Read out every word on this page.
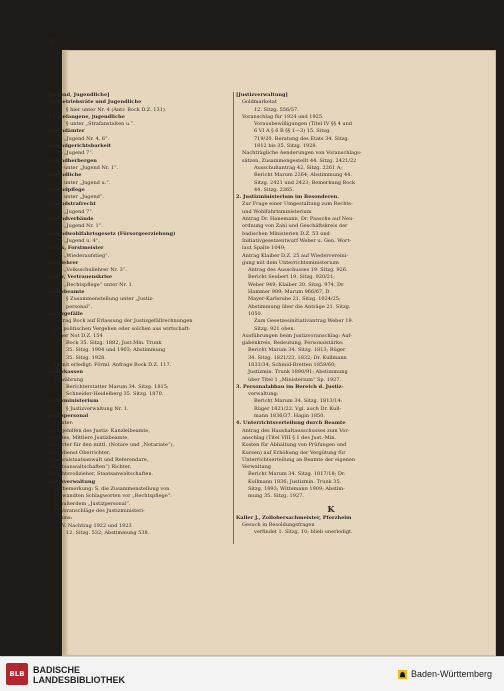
78
[Jugend, Jugendliche]
10. Betriebsräte und Jugendliche
§ hier unter Nr. 4 (Antr. Bock D.Z. 131).
11. Gefangene, jugendliche
§ unter „Strafanstalten u.“.
Jugendämter
§ „Jugend Nr. 4, 6“.
Jugendgerichtsbarkeit
§ „Jugend 7“.
Jugendherbergen
§ unter „Jugend Nr. 1“.
Jugendliche
§ unter „Jugend u.“.
Jugendpflege
§ unter „Jugend“.
Jugendstrafrecht
§ „Jugend 7“.
Jugendverbände
§ „Jugend Nr. 1“.
Jugendwohlfahrtsgesetz (Fürsorgeerziehung)
§ „Jugend u. 4“.
Junak, Forstmeister
§ „Wiederaufstieg“.
Junglehrer
§ „Volksschullehrer Nr. 3“.
Justiz, Vertrauenskrise
§ „Rechtspflege“ unter Nr. 1.
Justizbeamte
§ Zusammenstellung unter „Justiz-
personal“.
Justizgefälle
Antrag Bock auf Erlassung der Justizgefällrechnungen
bei politischen Vergehen oder solchen aus wirtschaft-
licher Not D.Z. 154
Bock 35. Sitzg. 1882; Just.Min. Trunk
35. Sitzg. 1904 und 1903; Abstimmung
35. Sitzg. 1928.
Damit erledigt: Förml. Anfrage Bock D.Z. 117.
Justizkassen
Bewährung
Berichterstatter Marum 34. Sitzg. 1815;
Schneider-Heidelberg 35. Sitzg. 1870.
Justizministerium
§ Justizverwaltung Nr. 1.
Justizpersonal
§ unter:
Amtsgehilfen des Justiz- Kanzleibeamte,
dienstes, Mittlere Justizbeamte,
Anwärter für den mittl. (Notare und „Notariate“),
Justizdienst Oberrichter,
(Generalstaatsanwalt und Referendare,
„Staatsanwaltschaften“) Richter,
Gerichtsvollzieher, Staatsanwaltschaften.
Justizverwaltung
Vorbemerkung: S. die Zusammenstellung von
verwandten Schlagworten vor „Rechtspflege“.
S. außerdem „Justizpersonal“.
1. Voranschläge des Justizministeri-
ums:
IV. Nachtrag 1922 und 1923
12. Sitzg. 532; Abstimmung 538.
[Justizverwaltung]
Goldmarketat
12. Sitzg. 556/57.
Voranschlag für 1924 und 1925.
Vorausbewilligungen (Titel IV §§ 4 und
6 VI A § 6 B §§ 1—3) 15. Sitzg.
719/20. Beratung des Etats 34. Sitzg.
1812 bis 35. Sitzg. 1928.
Nachträgliche Aenderungen von Voranschlags-
sätzen, Zusammengestellt 44. Sitzg. 2421/22
Ausschußantrag 42. Sitzg. 2261 A;
Bericht Marum 2264; Abstimmung 44.
Sitzg. 2421 und 2423; Bemerkung Bock
44. Sitzg. 2365.
2. Justizministerium im Besonderen.
Zur Frage einer Umgestaltung zum Rechts-
und Wohlfahrtsministerium
Antrag Dr. Hanemann, Dr. Paasche auf Neu-
ordnung von Zahl und Geschäftskreis der
badischen Ministerien D.Z. 53 und
Initiativgesetzentwurf Weber u. Gen. Wort-
laut Spalte 1049;
Antrag Klaiber D.Z. 25 auf Wiedervereini-
gung mit dem Unterrichtsministerium
Antrag des Ausschusses 19. Sitzg. 926.
Bericht Seubert 19. Sitzg. 920/21;
Weber 949; Klaiber 20. Sitzg. 974, Dr.
Hammer 989; Marum 966/67, D.
Mayer-Karlsruhe 21. Sitzg. 1024/25;
Abstimmung über die Anträge 21. Sitzg.
1050.
Zum Gesetzesinitiativantrag Weber 19.
Sitzg. 921 oben.
Ausführungen beim Justizvoranschlag: Auf-
gabenkreis, Bedeutung, Personalstärke:
Bericht Marum 34. Sitzg. 1813; Rüger
34. Sitzg. 1821/23, 1832; Dr. Kullmann
1833/34; Schmid-Bretten 1859/60;
Justizmin. Trunk 1890/91; Abstimmung
über Titel 1 „Ministerium“ Sp. 1927.
3. Personalabbau im Bereich d. Justiz-
verwaltung:
Bericht Marum 34. Sitzg. 1813/14:
Rüger 1821/22. Vgl. auch Dr. Kull-
mann 1836/37, Hagin 1850.
4. Unterrichtsverteilung durch Beamte
Antrag des Haushaltausschusses zum Vor-
anschlag (Titel VIII § 1 des Just.-Min.
Kosten für Abhaltung von Prüfungen und
Kursen) auf Erhöhung der Vergütung für
Unterrichtserteilung an Beamte der eigenen
Verwaltung
Bericht Marum 34. Sitzg. 1817/18; Dr.
Kullmann 1836; Justizmin. Trunk 35.
Sitzg. 1893; Wittemann 1909; Abstim-
mung 35. Sitzg. 1927.
K
Kaller J., Zollobersachmeister, Pforzheim
Gesuch in Besoldungsfragen
verfindet 1. Sitzg. 10; blieb unerledigt.
BLB BADISCHE
LANDESBIBLIOTHEK
Baden-Württemberg
